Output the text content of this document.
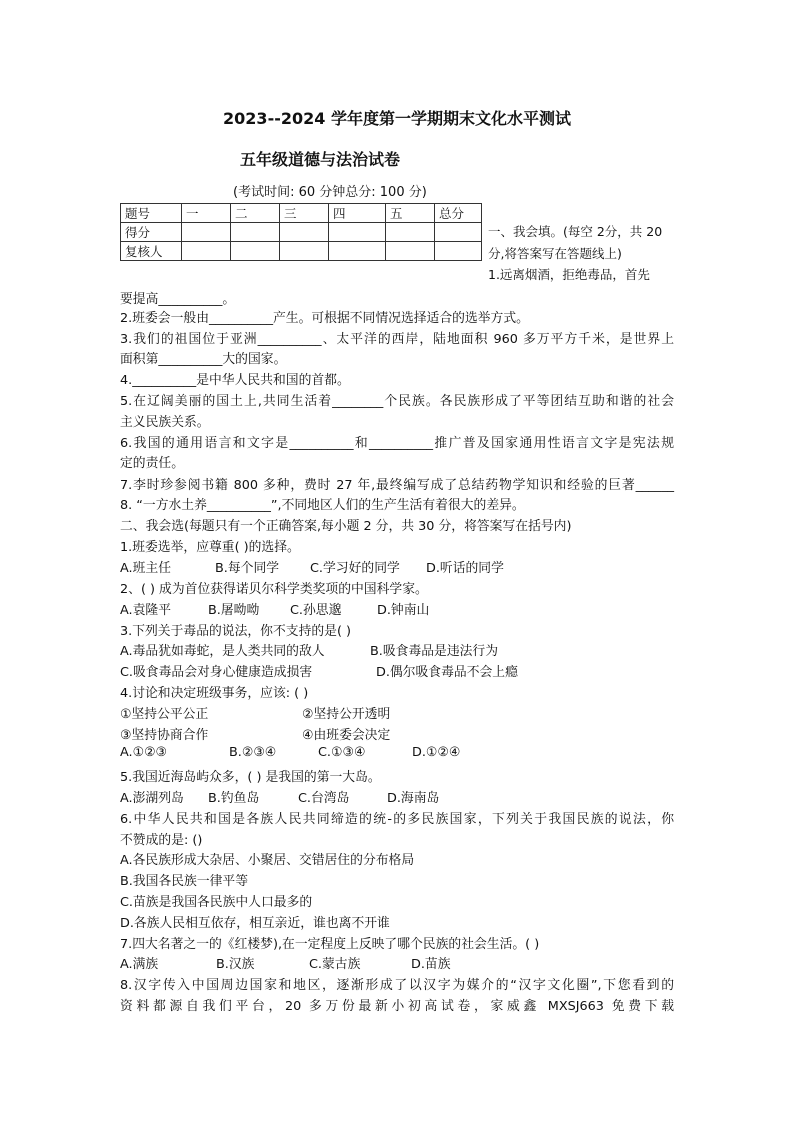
2023--2024 学年度第一学期期末文化水平测试
五年级道德与法治试卷
(考试时间: 60 分钟总分: 100 分)
题号	一	二	三	四	五	总分
得分						
复核人						
一、我会填。(每空 2分，共 20
分,将答案写在答题线上)
1.远离烟酒，拒绝毒品，首先
要提高__________。
2.班委会一般由__________产生。可根据不同情况选择适合的选举方式。
3.我们的祖国位于亚洲__________、太平洋的西岸，陆地面积 960 多万平方千米，是世界上
面积第__________大的国家。
4.__________是中华人民共和国的首都。
5.在辽阔美丽的国土上,共同生活着________个民族。各民族形成了平等团结互助和谐的社会
主义民族关系。
6.我国的通用语言和文字是__________和__________推广普及国家通用性语言文字是宪法规
定的责任。
7.李时珍参阅书籍 800 多种，费时 27 年,最终编写成了总结药物学知识和经验的巨著______
8. “一方水土养__________”,不同地区人们的生产生活有着很大的差异。
二、我会选(每题只有一个正确答案,每小题 2 分，共 30 分，将答案写在括号内)
1.班委选举，应尊重( )的选择。
A.班主任	B.每个同学 C.学习好的同学 D.听话的同学
2、( ) 成为首位获得诺贝尔科学类奖项的中国科学家。
A.袁隆平	B.屠呦呦 C.孙思邈	D.钟南山
3.下列关于毒品的说法，你不支持的是( )
A.毒品犹如毒蛇，是人类共同的敌人	B.吸食毒品是违法行为
C.吸食毒品会对身心健康造成损害	D.偶尔吸食毒品不会上瘾
4.讨论和决定班级事务，应该: ( )
①坚持公平公正	②坚持公开透明
③坚持协商合作	④由班委会决定
A.①②③	B.②③④	C.①③④	D.①②④
5.我国近海岛屿众多，( ) 是我国的第一大岛。
A.澎湖列岛 B.钓鱼岛	C.台湾岛	D.海南岛
6.中华人民共和国是各族人民共同缔造的统-的多民族国家，下列关于我国民族的说法，你
不赞成的是: ()
A.各民族形成大杂居、小聚居、交错居住的分布格局
B.我国各民族一律平等
C.苗族是我国各民族中人口最多的
D.各族人民相互依存，相互亲近，谁也离不开谁
7.四大名著之一的《红楼梦),在一定程度上反映了哪个民族的社会生活。( )
A.满族	B.汉族	C.蒙古族	D.苗族
8.汉字传入中国周边国家和地区，逐渐形成了以汉字为媒介的“汉字文化圈”,下您看到的
资料都源自我们平台，20 多万份最新小初高试卷，家威鑫 MXSJ663 免费下载
